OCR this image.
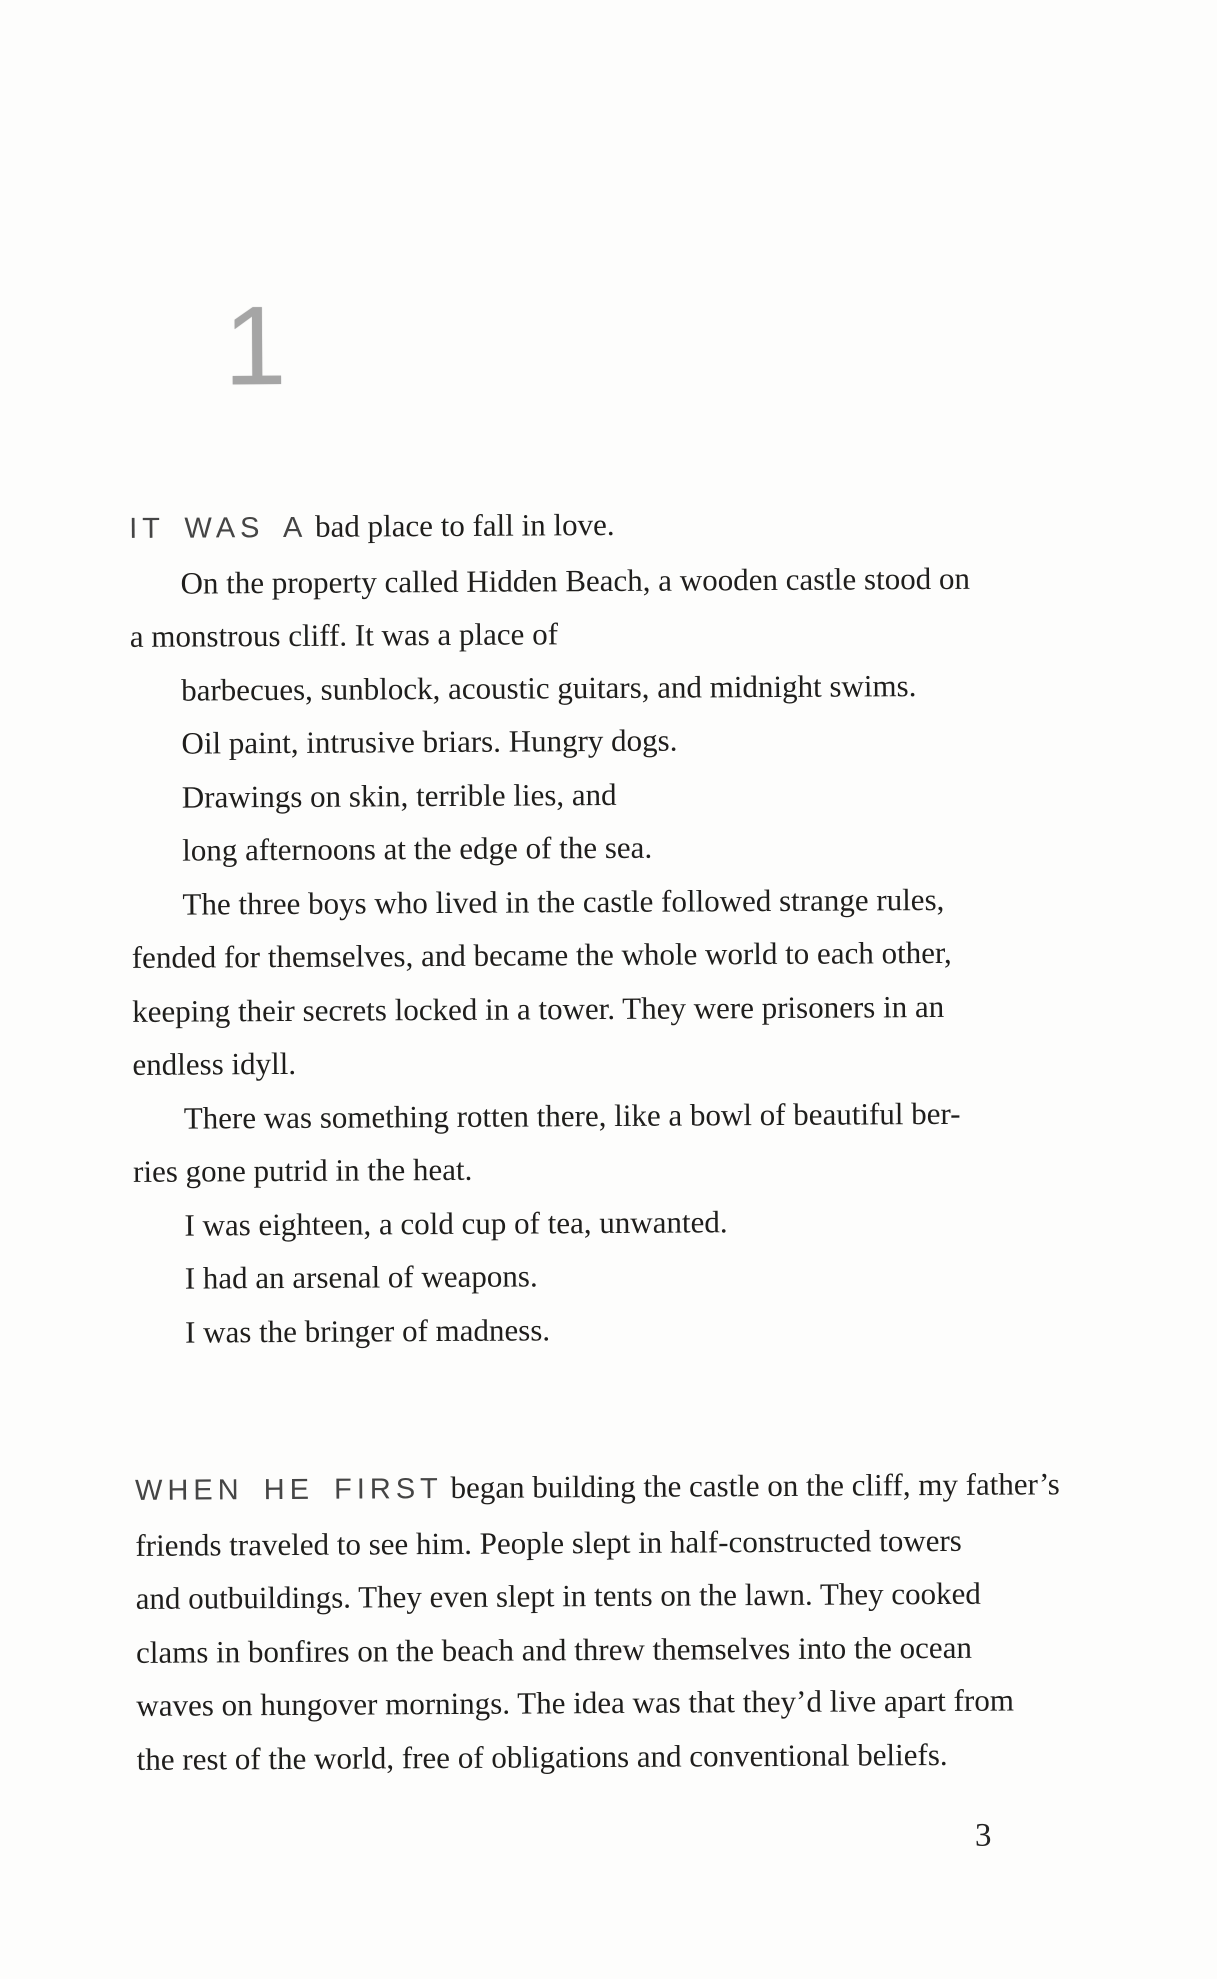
1
IT WAS A bad place to fall in love.
On the property called Hidden Beach, a wooden castle stood on
a monstrous cliff. It was a place of
barbecues, sunblock, acoustic guitars, and midnight swims.
Oil paint, intrusive briars. Hungry dogs.
Drawings on skin, terrible lies, and
long afternoons at the edge of the sea.
The three boys who lived in the castle followed strange rules,
fended for themselves, and became the whole world to each other,
keeping their secrets locked in a tower. They were prisoners in an
endless idyll.
There was something rotten there, like a bowl of beautiful ber-
ries gone putrid in the heat.
I was eighteen, a cold cup of tea, unwanted.
I had an arsenal of weapons.
I was the bringer of madness.
WHEN HE FIRST began building the castle on the cliff, my father’s
friends traveled to see him. People slept in half-constructed towers
and outbuildings. They even slept in tents on the lawn. They cooked
clams in bonfires on the beach and threw themselves into the ocean
waves on hungover mornings. The idea was that they’d live apart from
the rest of the world, free of obligations and conventional beliefs.
3
